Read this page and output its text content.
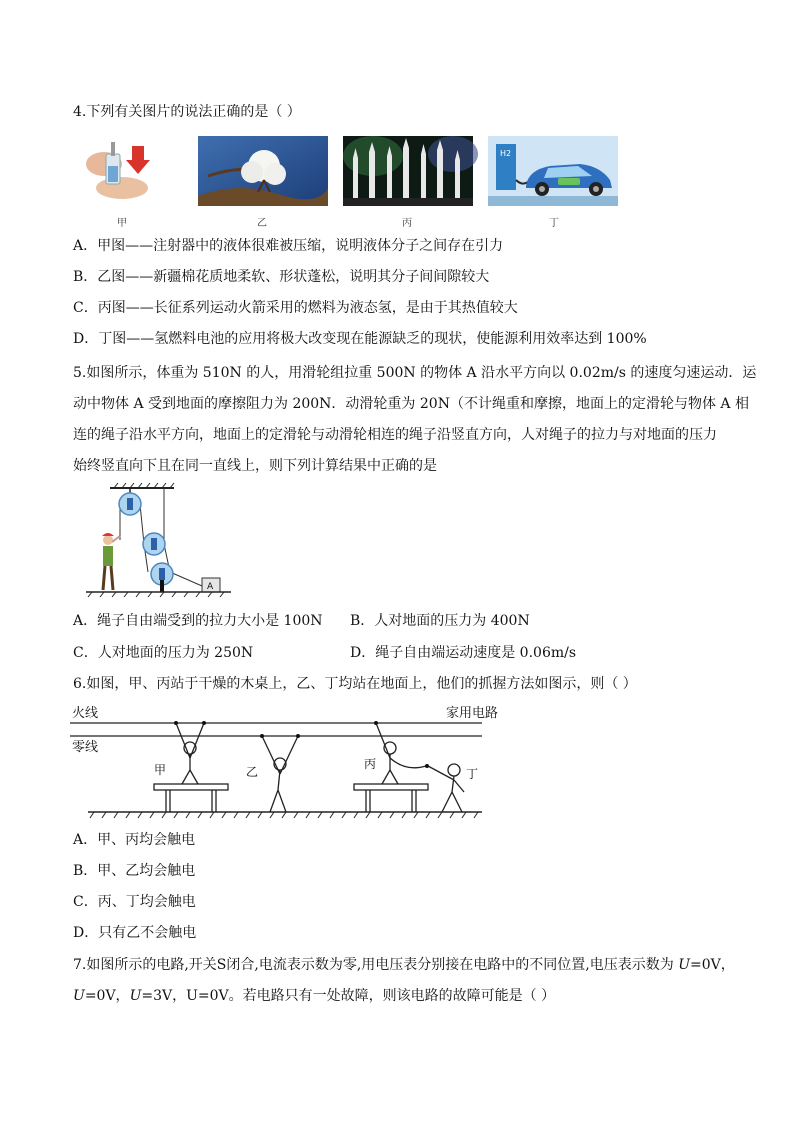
4.下列有关图片的说法正确的是（ ）
H2
甲	乙	丙	丁
A．甲图——注射器中的液体很难被压缩，说明液体分子之间存在引力
B．乙图——新疆棉花质地柔软、形状蓬松，说明其分子间间隙较大
C．丙图——长征系列运动火箭采用的燃料为液态氢，是由于其热值较大
D．丁图——氢燃料电池的应用将极大改变现在能源缺乏的现状，使能源利用效率达到 100%
5.如图所示，体重为 510N 的人，用滑轮组拉重 500N 的物体 A 沿水平方向以 0.02m/s 的速度匀速运动．运
动中物体 A 受到地面的摩擦阻力为 200N．动滑轮重为 20N（不计绳重和摩擦，地面上的定滑轮与物体 A 相
连的绳子沿水平方向，地面上的定滑轮与动滑轮相连的绳子沿竖直方向，人对绳子的拉力与对地面的压力
始终竖直向下且在同一直线上，则下列计算结果中正确的是
A
A．绳子自由端受到的拉力大小是 100N B．人对地面的压力为 400N
C．人对地面的压力为 250N	D．绳子自由端运动速度是 0.06m/s
6.如图，甲、丙站于干燥的木桌上，乙、丁均站在地面上，他们的抓握方法如图示，则（ ）
火线	家用电路
零线
甲	乙
丙
丁
A．甲、丙均会触电
B．甲、乙均会触电
C．丙、丁均会触电
D．只有乙不会触电
7.如图所示的电路,开关S闭合,电流表示数为零,用电压表分别接在电路中的不同位置,电压表示数为 U=0V，
U=0V，U=3V，U=0V。若电路只有一处故障，则该电路的故障可能是（ ）
